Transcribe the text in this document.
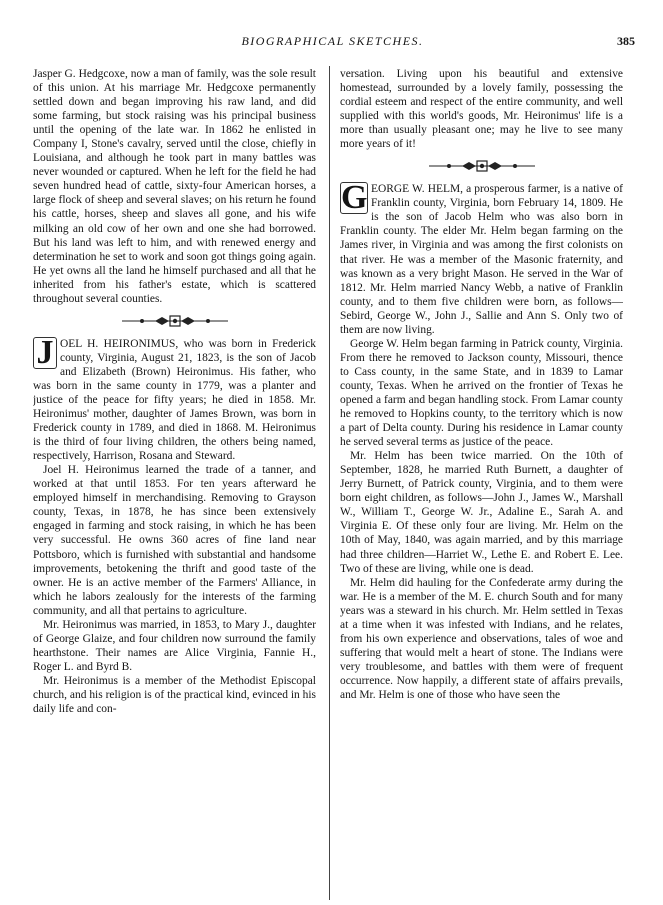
BIOGRAPHICAL SKETCHES.	385

Jasper G. Hedgcoxe, now a man of family, was the sole result of this union. At his marriage Mr. Hedgcoxe permanently settled down and began improving his raw land, and did some farming, but stock raising was his principal business until the opening of the late war. In 1862 he enlisted in Company I, Stone's cavalry, served until the close, chiefly in Louisiana, and although he took part in many battles was never wounded or captured. When he left for the field he had seven hundred head of cattle, sixty-four American horses, a large flock of sheep and several slaves; on his return he found his cattle, horses, sheep and slaves all gone, and his wife milking an old cow of her own and one she had borrowed. But his land was left to him, and with renewed energy and determination he set to work and soon got things going again. He yet owns all the land he himself purchased and all that he inherited from his father's estate, which is scattered throughout several counties.

J OEL H. HEIRONIMUS, who was born in Frederick county, Virginia, August 21, 1823, is the son of Jacob and Elizabeth (Brown) Heironimus. His father, who was born in the same county in 1779, was a planter and justice of the peace for fifty years; he died in 1858. Mr. Heironimus' mother, daughter of James Brown, was born in Frederick county in 1789, and died in 1868. M. Heironimus is the third of four living children, the others being named, respectively, Harrison, Rosana and Steward.

Joel H. Heironimus learned the trade of a tanner, and worked at that until 1853. For ten years afterward he employed himself in merchandising. Removing to Grayson county, Texas, in 1878, he has since been extensively engaged in farming and stock raising, in which he has been very successful. He owns 360 acres of fine land near Pottsboro, which is furnished with substantial and handsome improvements, betokening the thrift and good taste of the owner. He is an active member of the Farmers' Alliance, in which he labors zealously for the interests of the farming community, and all that pertains to agriculture.

Mr. Heironimus was married, in 1853, to Mary J., daughter of George Glaize, and four children now surround the family hearthstone. Their names are Alice Virginia, Fannie H., Roger L. and Byrd B.

Mr. Heironimus is a member of the Methodist Episcopal church, and his religion is of the practical kind, evinced in his daily life and con-

versation. Living upon his beautiful and extensive homestead, surrounded by a lovely family, possessing the cordial esteem and respect of the entire community, and well supplied with this world's goods, Mr. Heironimus' life is a more than usually pleasant one; may he live to see many more years of it!

G EORGE W. HELM, a prosperous farmer, is a native of Franklin county, Virginia, born February 14, 1809. He is the son of Jacob Helm who was also born in Franklin county. The elder Mr. Helm began farming on the James river, in Virginia and was among the first colonists on that river. He was a member of the Masonic fraternity, and was known as a very bright Mason. He served in the War of 1812. Mr. Helm married Nancy Webb, a native of Franklin county, and to them five children were born, as follows—Sebird, George W., John J., Sallie and Ann S. Only two of them are now living.

George W. Helm began farming in Patrick county, Virginia. From there he removed to Jackson county, Missouri, thence to Cass county, in the same State, and in 1839 to Lamar county, Texas. When he arrived on the frontier of Texas he opened a farm and began handling stock. From Lamar county he removed to Hopkins county, to the territory which is now a part of Delta county. During his residence in Lamar county he served several terms as justice of the peace.

Mr. Helm has been twice married. On the 10th of September, 1828, he married Ruth Burnett, a daughter of Jerry Burnett, of Patrick county, Virginia, and to them were born eight children, as follows—John J., James W., Marshall W., William T., George W. Jr., Adaline E., Sarah A. and Virginia E. Of these only four are living. Mr. Helm on the 10th of May, 1840, was again married, and by this marriage had three children—Harriet W., Lethe E. and Robert E. Lee. Two of these are living, while one is dead.

Mr. Helm did hauling for the Confederate army during the war. He is a member of the M. E. church South and for many years was a steward in his church. Mr. Helm settled in Texas at a time when it was infested with Indians, and he relates, from his own experience and observations, tales of woe and suffering that would melt a heart of stone. The Indians were very troublesome, and battles with them were of frequent occurrence. Now happily, a different state of affairs prevails, and Mr. Helm is one of those who have seen the
